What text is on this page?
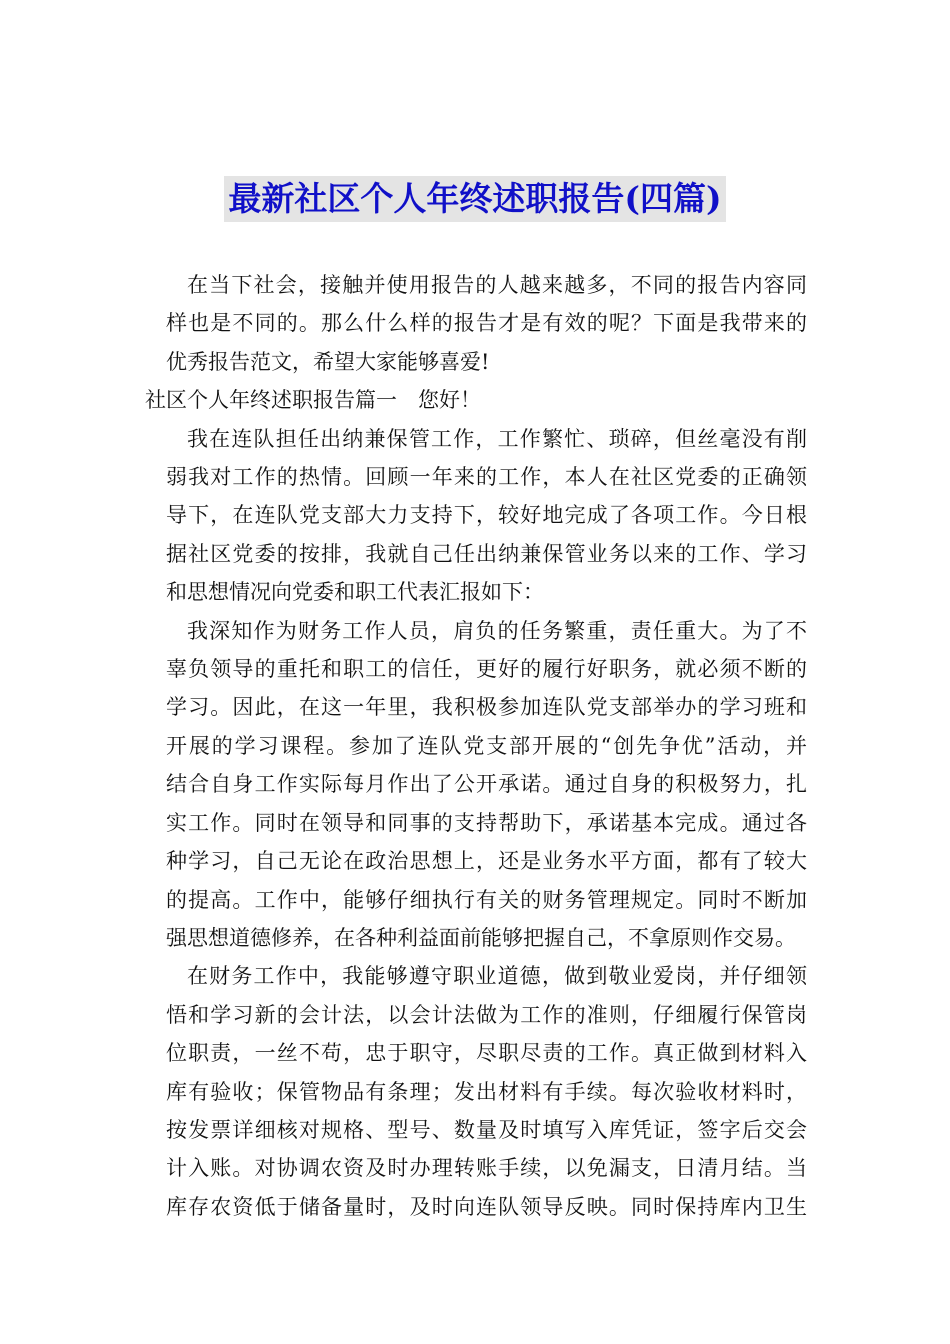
最新社区个人年终述职报告(四篇)
在当下社会，接触并使用报告的人越来越多，不同的报告内容同
样也是不同的。那么什么样的报告才是有效的呢？下面是我带来的
优秀报告范文，希望大家能够喜爱!
社区个人年终述职报告篇一　您好！
我在连队担任出纳兼保管工作，工作繁忙、琐碎，但丝毫没有削
弱我对工作的热情。回顾一年来的工作，本人在社区党委的正确领
导下，在连队党支部大力支持下，较好地完成了各项工作。今日根
据社区党委的按排，我就自己任出纳兼保管业务以来的工作、学习
和思想情况向党委和职工代表汇报如下：
我深知作为财务工作人员，肩负的任务繁重，责任重大。为了不
辜负领导的重托和职工的信任，更好的履行好职务，就必须不断的
学习。因此，在这一年里，我积极参加连队党支部举办的学习班和
开展的学习课程。参加了连队党支部开展的“创先争优”活动，并
结合自身工作实际每月作出了公开承诺。通过自身的积极努力，扎
实工作。同时在领导和同事的支持帮助下，承诺基本完成。通过各
种学习，自己无论在政治思想上，还是业务水平方面，都有了较大
的提高。工作中，能够仔细执行有关的财务管理规定。同时不断加
强思想道德修养，在各种利益面前能够把握自己，不拿原则作交易。
在财务工作中，我能够遵守职业道德，做到敬业爱岗，并仔细领
悟和学习新的会计法，以会计法做为工作的准则，仔细履行保管岗
位职责，一丝不苟，忠于职守，尽职尽责的工作。真正做到材料入
库有验收；保管物品有条理；发出材料有手续。每次验收材料时，
按发票详细核对规格、型号、数量及时填写入库凭证，签字后交会
计入账。对协调农资及时办理转账手续，以免漏支，日清月结。当
库存农资低于储备量时，及时向连队领导反映。同时保持库内卫生
